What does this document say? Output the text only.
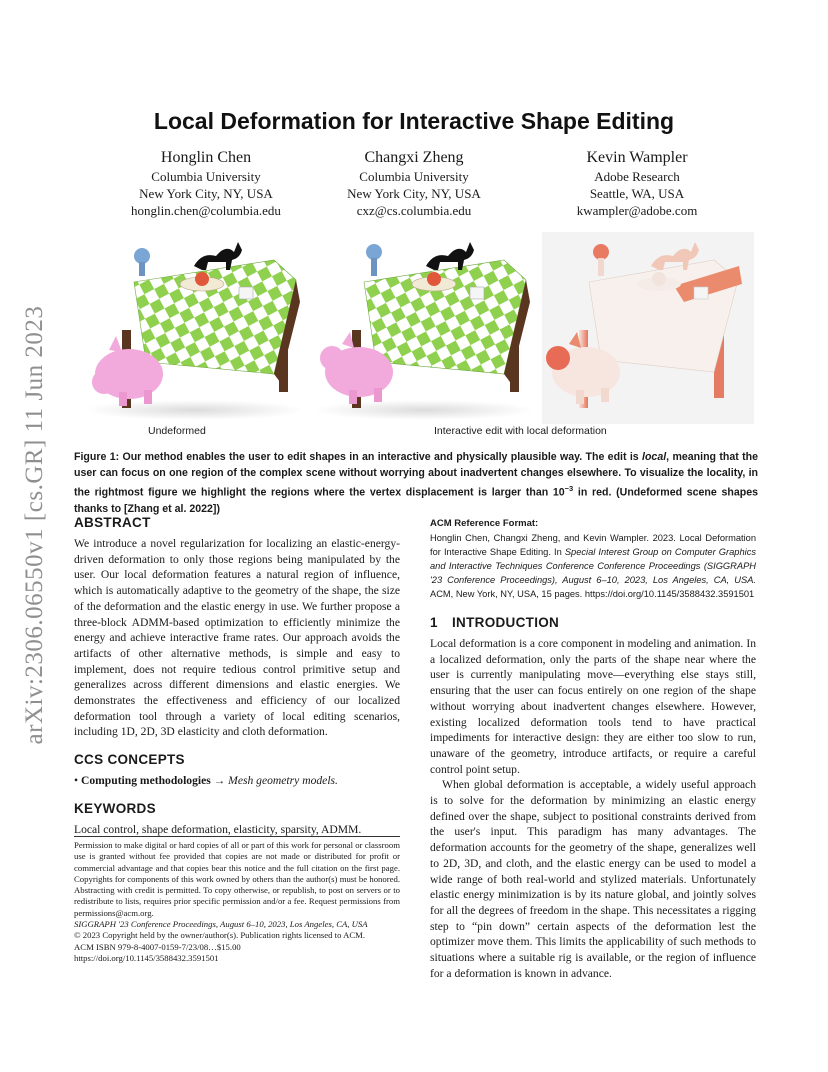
arXiv:2306.06550v1 [cs.GR] 11 Jun 2023
Local Deformation for Interactive Shape Editing
Honglin Chen
Columbia University
New York City, NY, USA
honglin.chen@columbia.edu
Changxi Zheng
Columbia University
New York City, NY, USA
cxz@cs.columbia.edu
Kevin Wampler
Adobe Research
Seattle, WA, USA
kwampler@adobe.com
Undeformed	Interactive edit with local deformation
Figure 1: Our method enables the user to edit shapes in an interactive and physically plausible way. The edit is local, meaning that the user can focus on one region of the complex scene without worrying about inadvertent changes elsewhere. To visualize the locality, in the rightmost figure we highlight the regions where the vertex displacement is larger than $10^{-3}$ in red. (Undeformed scene shapes thanks to [Zhang et al. 2022])
ABSTRACT

We introduce a novel regularization for localizing an elastic-energy-driven deformation to only those regions being manipulated by the user. Our local deformation features a natural region of influence, which is automatically adaptive to the geometry of the shape, the size of the deformation and the elastic energy in use. We further propose a three-block ADMM-based optimization to efficiently minimize the energy and achieve interactive frame rates. Our approach avoids the artifacts of other alternative methods, is simple and easy to implement, does not require tedious control primitive setup and generalizes across different dimensions and elastic energies. We demonstrates the effectiveness and efficiency of our localized deformation tool through a variety of local editing scenarios, including 1D, 2D, 3D elasticity and cloth deformation.

CCS CONCEPTS

• Computing methodologies → Mesh geometry models.

KEYWORDS

Local control, shape deformation, elasticity, sparsity, ADMM.

Permission to make digital or hard copies of all or part of this work for personal or classroom use is granted without fee provided that copies are not made or distributed for profit or commercial advantage and that copies bear this notice and the full citation on the first page. Copyrights for components of this work owned by others than the author(s) must be honored. Abstracting with credit is permitted. To copy otherwise, or republish, to post on servers or to redistribute to lists, requires prior specific permission and/or a fee. Request permissions from permissions@acm.org.

SIGGRAPH '23 Conference Proceedings, August 6–10, 2023, Los Angeles, CA, USA

© 2023 Copyright held by the owner/author(s). Publication rights licensed to ACM.

ACM ISBN 979-8-4007-0159-7/23/08…$15.00

https://doi.org/10.1145/3588432.3591501

ACM Reference Format:
Honglin Chen, Changxi Zheng, and Kevin Wampler. 2023. Local Deformation for Interactive Shape Editing. In Special Interest Group on Computer Graphics and Interactive Techniques Conference Conference Proceedings (SIGGRAPH '23 Conference Proceedings), August 6–10, 2023, Los Angeles, CA, USA. ACM, New York, NY, USA, 15 pages. https://doi.org/10.1145/3588432.3591501
1 INTRODUCTION

Local deformation is a core component in modeling and animation. In a localized deformation, only the parts of the shape near where the user is currently manipulating move—everything else stays still, ensuring that the user can focus entirely on one region of the shape without worrying about inadvertent changes elsewhere. However, existing localized deformation tools tend to have practical impediments for interactive design: they are either too slow to run, unaware of the geometry, introduce artifacts, or require a careful control point setup.

When global deformation is acceptable, a widely useful approach is to solve for the deformation by minimizing an elastic energy defined over the shape, subject to positional constraints derived from the user's input. This paradigm has many advantages. The deformation accounts for the geometry of the shape, generalizes well to 2D, 3D, and cloth, and the elastic energy can be used to model a wide range of both real-world and stylized materials. Unfortunately elastic energy minimization is by its nature global, and jointly solves for all the degrees of freedom in the shape. This necessitates a rigging step to “pin down” certain aspects of the deformation lest the optimizer move them. This limits the applicability of such methods to situations where a suitable rig is available, or the region of influence for a deformation is known in advance.
